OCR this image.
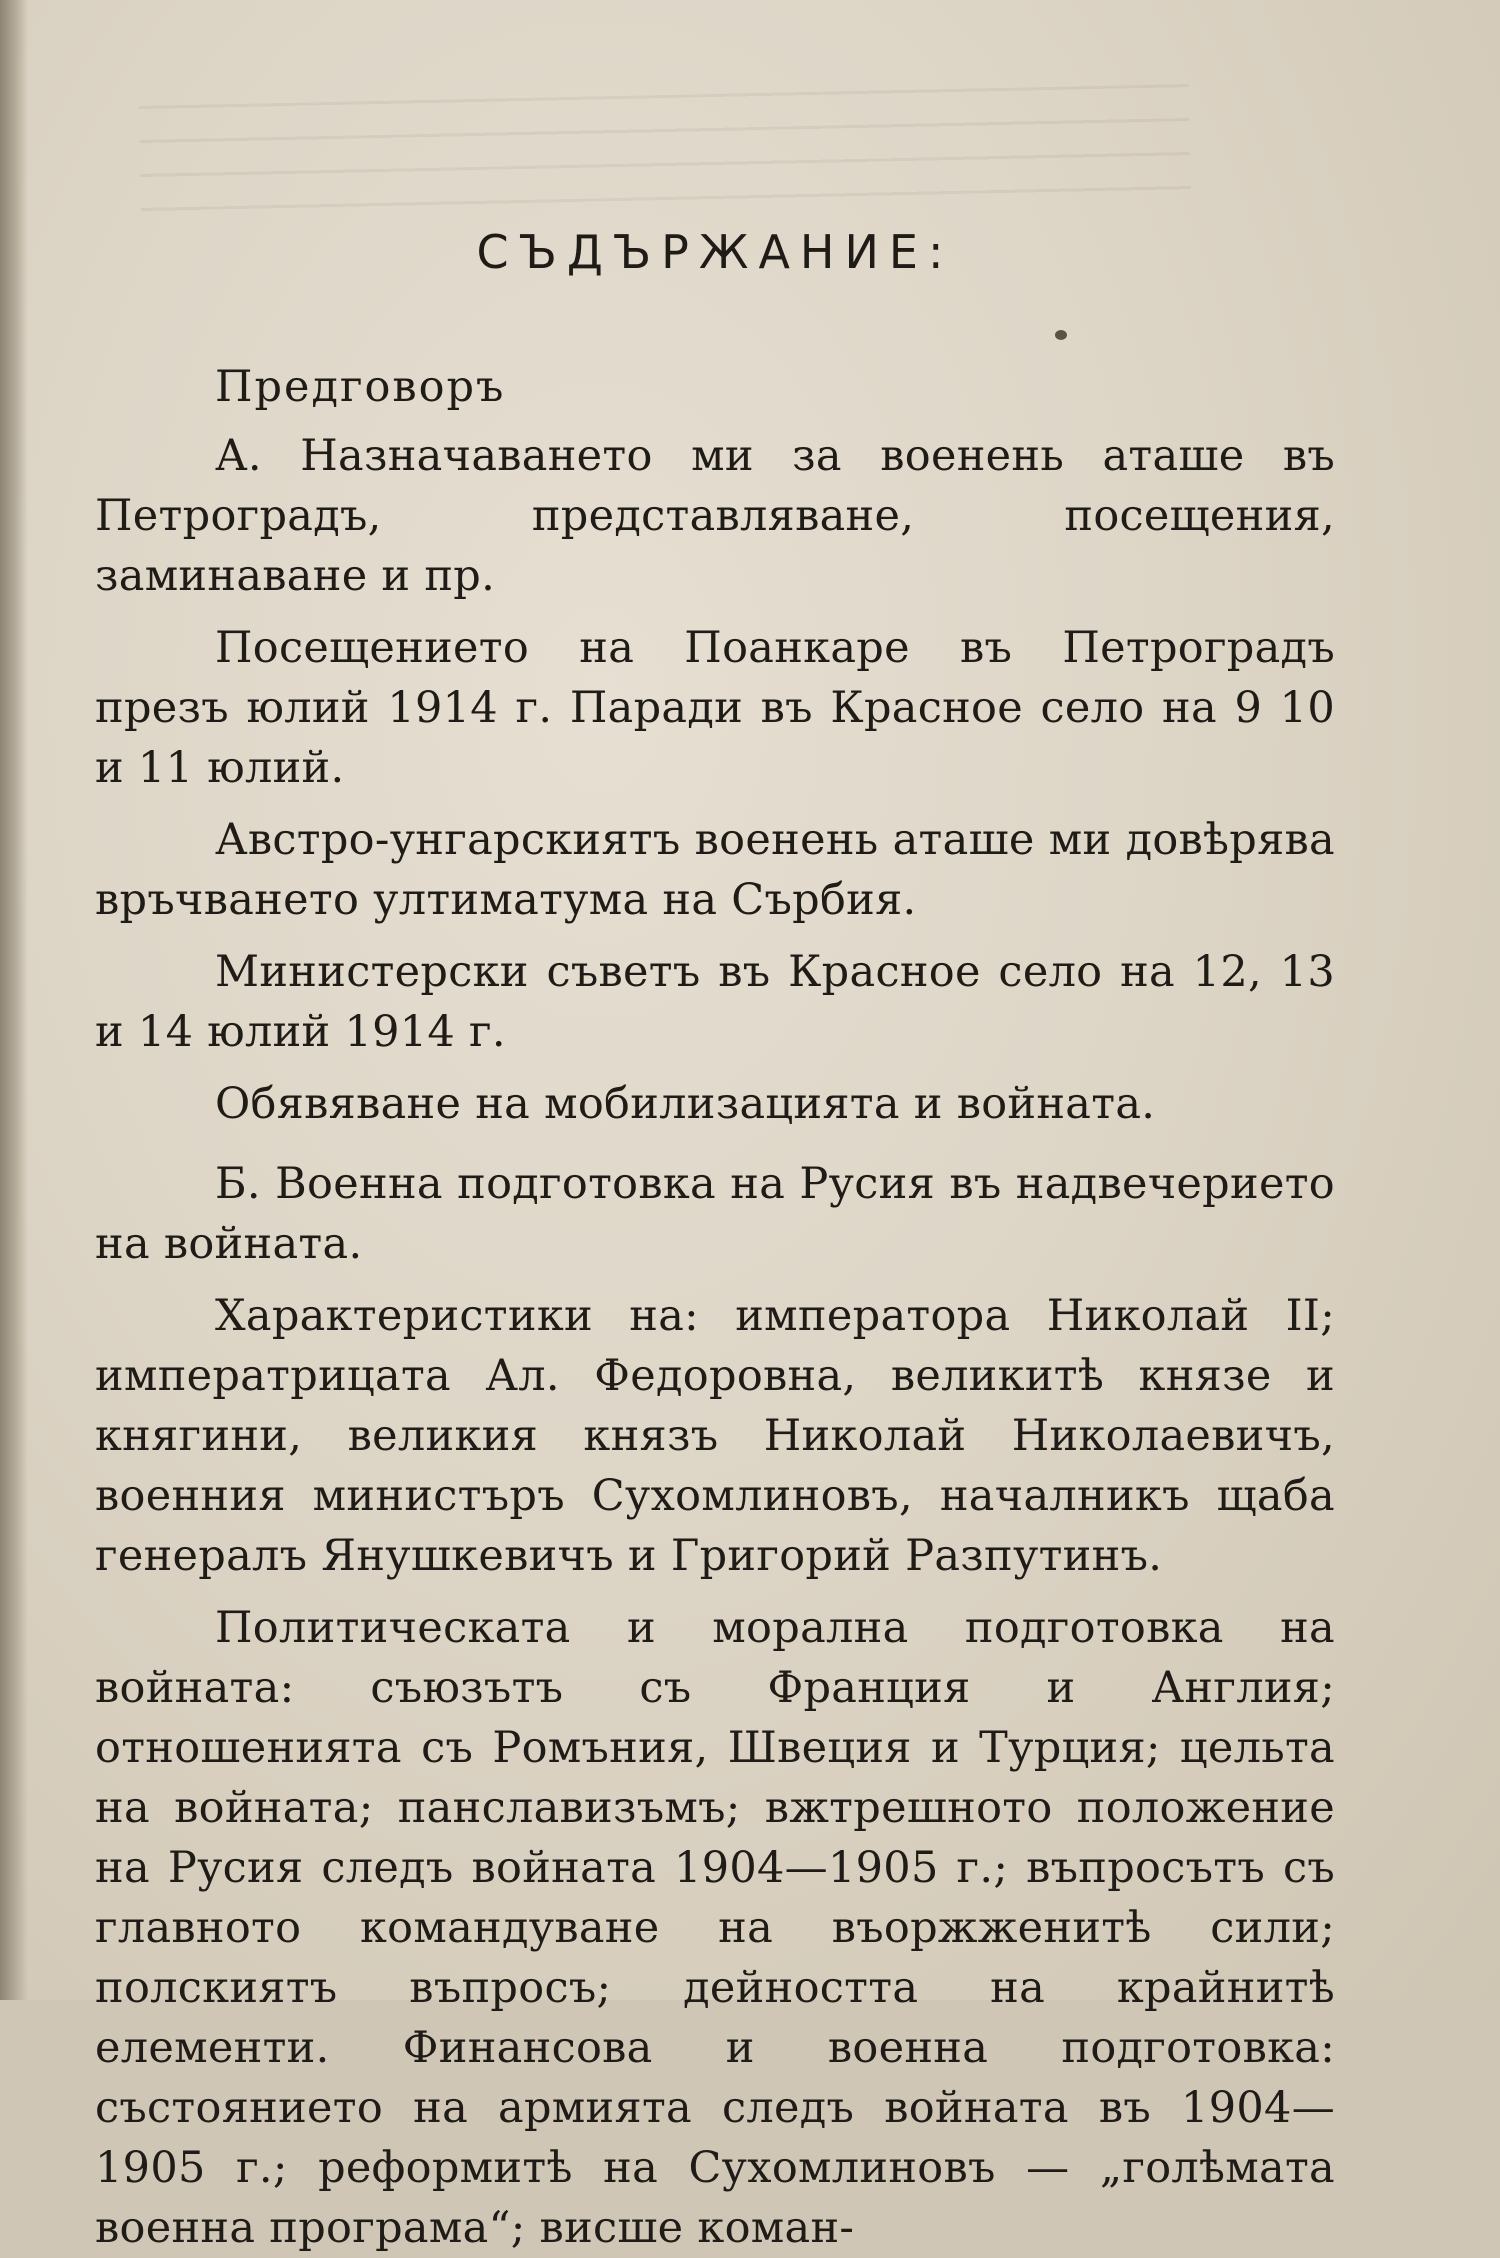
СЪДЪРЖАНИЕ:
Предговоръ

А. Назначаването ми за военень аташе въ Петроградъ, представляване, посещения, заминаване и пр.

Посещението на Поанкаре въ Петроградъ презъ юлий 1914 г. Паради въ Красное село на 9 10 и 11 юлий.

Австро-унгарскиятъ военень аташе ми довѣрява връчването ултиматума на Сърбия.

Министерски съветъ въ Красное село на 12, 13 и 14 юлий 1914 г.

Обявяване на мобилизацията и войната.

Б. Военна подготовка на Русия въ надвечерието на войната.

Характеристики на: императора Николай II; императрицата Ал. Федоровна, великитѣ князе и княгини, великия князъ Николай Николаевичъ, военния министъръ Сухомлиновъ, началникъ щаба генералъ Янушкевичъ и Григорий Разпутинъ.

Политическата и морална подготовка на войната: съюзътъ съ Франция и Англия; отношенията съ Ромъния, Швеция и Турция; цельта на войната; панславизъмъ; вжтрешното положение на Русия следъ войната 1904—1905 г.; въпросътъ съ главното командуване на въоржженитѣ сили; полскиятъ въпросъ; дейността на крайнитѣ елементи. Финансова и военна подготовка: състоянието на армията следъ войната въ 1904—1905 г.; реформитѣ на Сухомлиновъ — „голѣмата военна програма“; висше коман-
